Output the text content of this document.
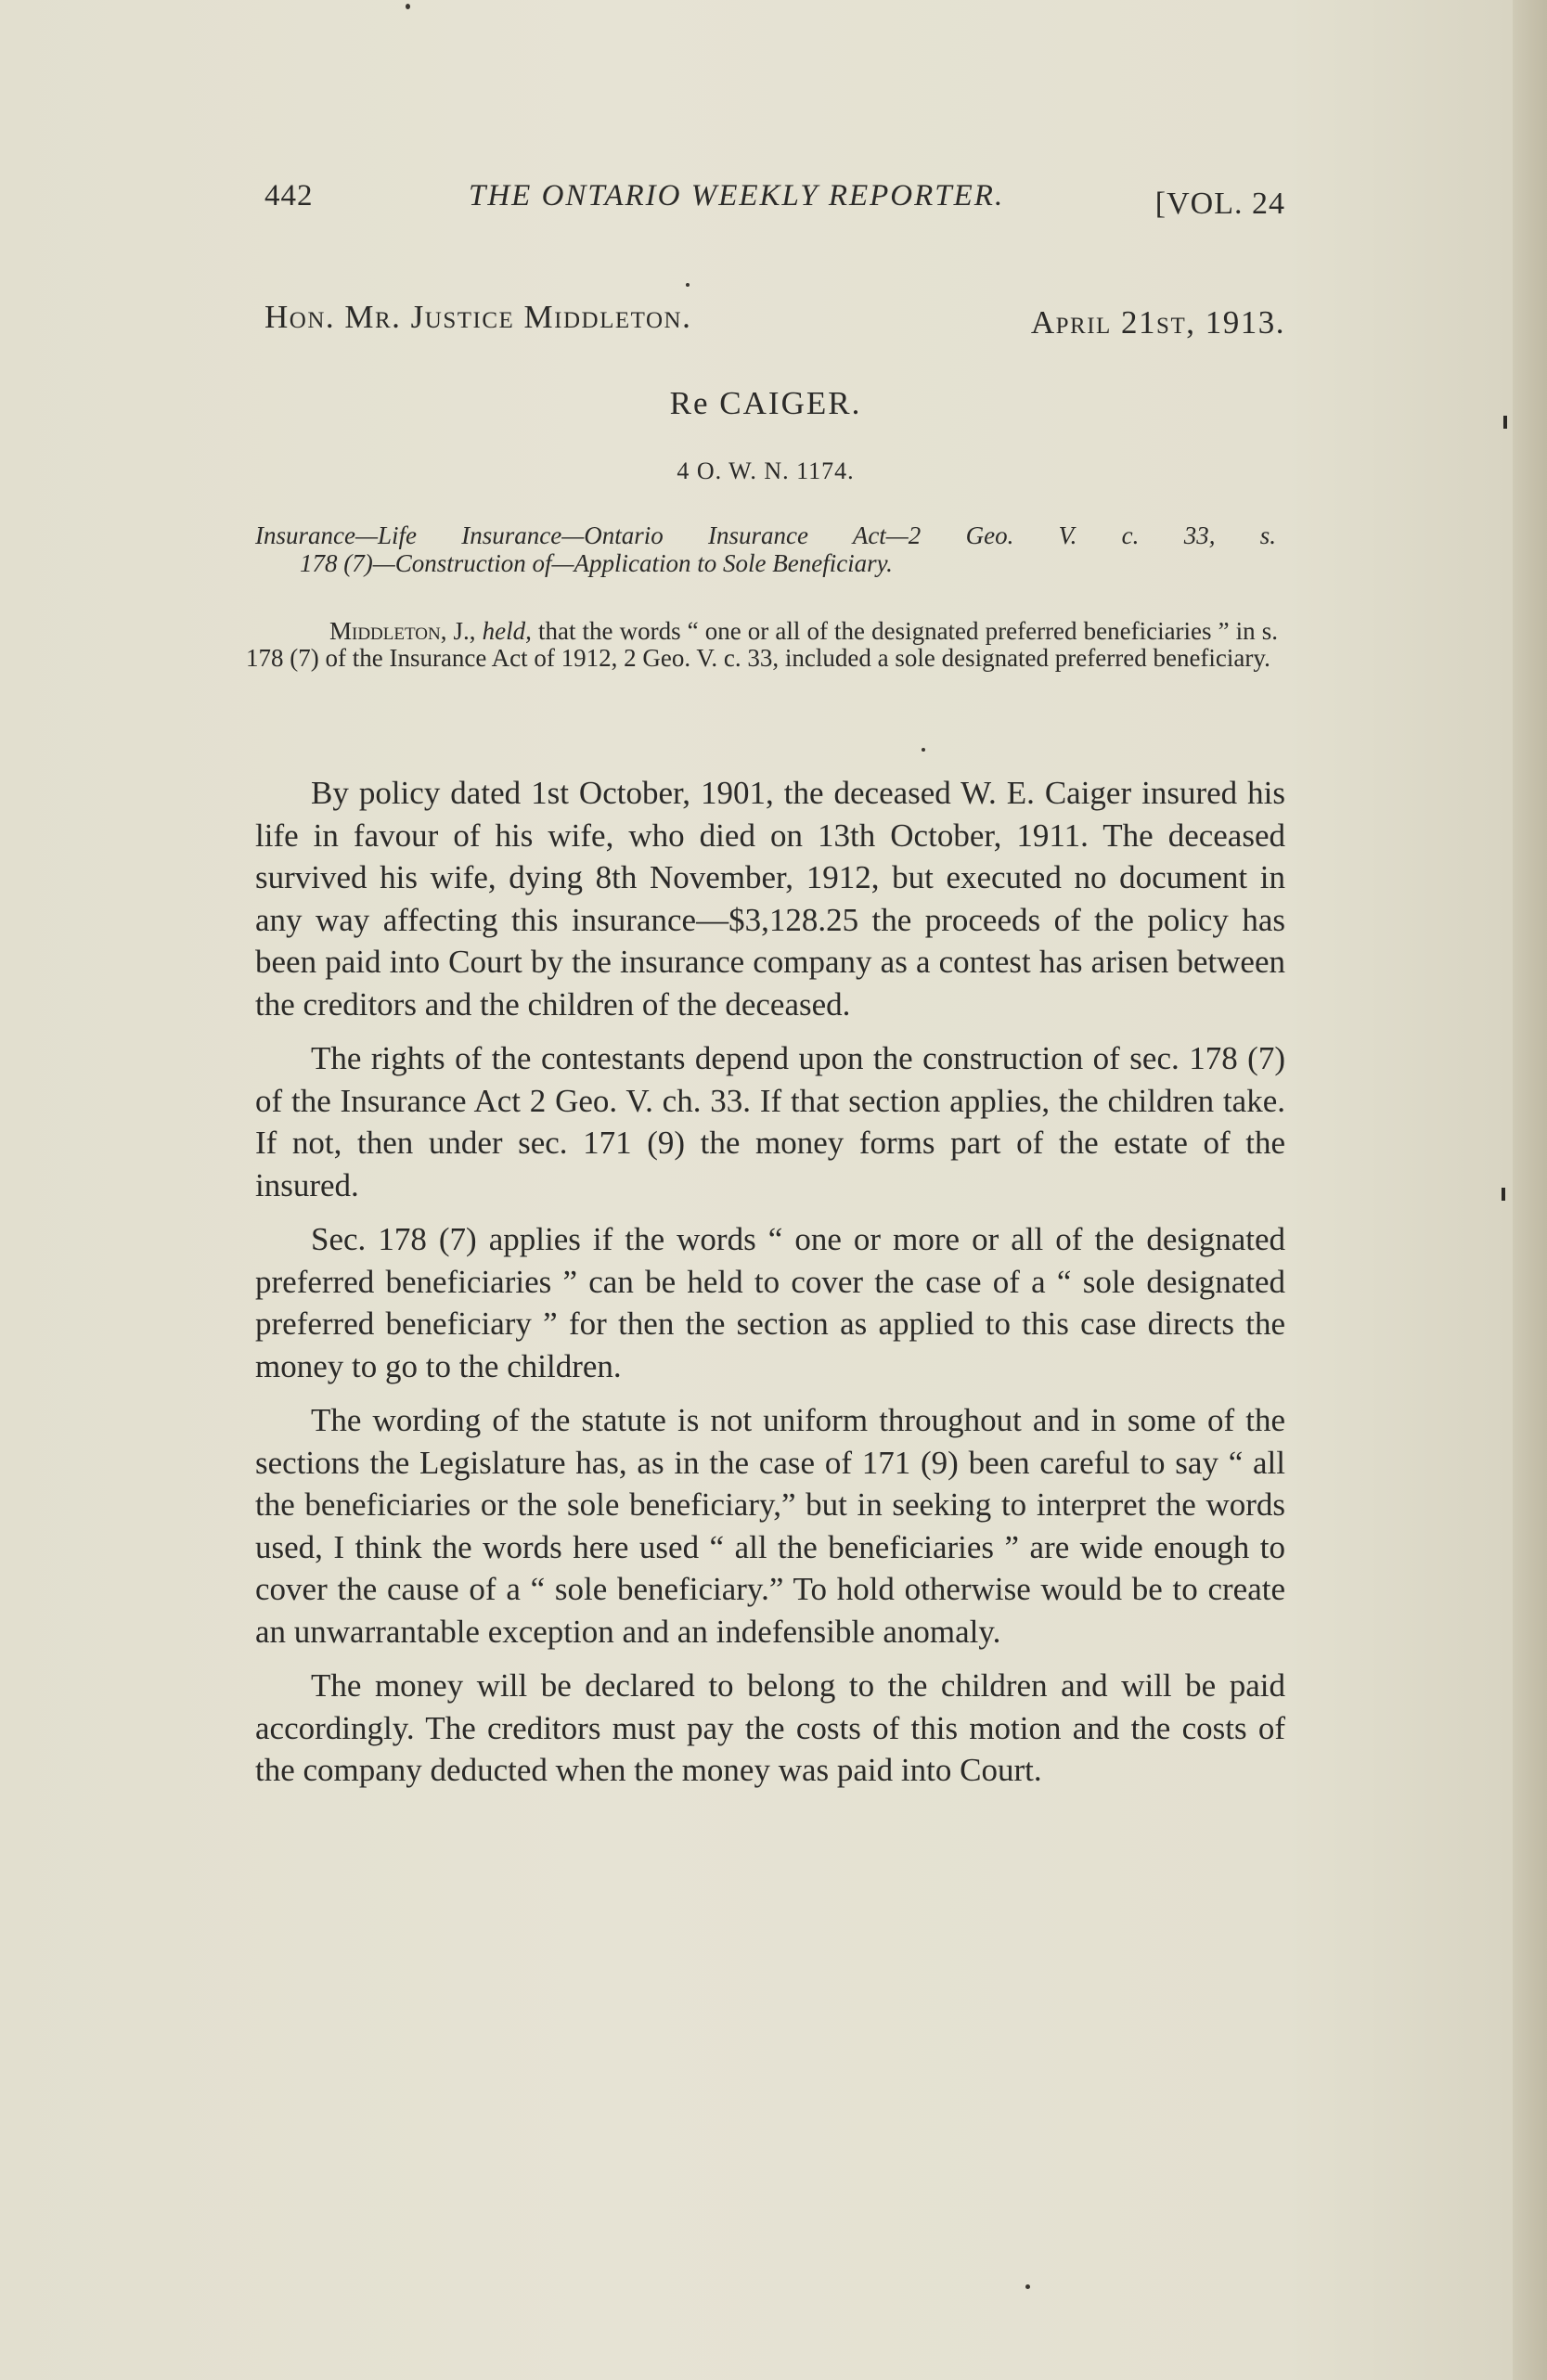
442	THE ONTARIO WEEKLY REPORTER.	[VOL. 24
Hon. Mr. Justice Middleton.	April 21st, 1913.
Re CAIGER.
4 O. W. N. 1174.
Insurance—Life Insurance—Ontario Insurance Act—2 Geo. V. c. 33, s.
178 (7)—Construction of—Application to Sole Beneficiary.
Middleton, J., held, that the words “ one or all of the designated preferred beneficiaries ” in s. 178 (7) of the Insurance Act of 1912, 2 Geo. V. c. 33, included a sole designated preferred beneficiary.

By policy dated 1st October, 1901, the deceased W. E. Caiger insured his life in favour of his wife, who died on 13th October, 1911. The deceased survived his wife, dying 8th November, 1912, but executed no document in any way affecting this insurance—$3,128.25 the proceeds of the policy has been paid into Court by the insurance company as a contest has arisen between the creditors and the children of the deceased.

The rights of the contestants depend upon the construction of sec. 178 (7) of the Insurance Act 2 Geo. V. ch. 33. If that section applies, the children take. If not, then under sec. 171 (9) the money forms part of the estate of the insured.

Sec. 178 (7) applies if the words “ one or more or all of the designated preferred beneficiaries ” can be held to cover the case of a “ sole designated preferred beneficiary ” for then the section as applied to this case directs the money to go to the children.

The wording of the statute is not uniform throughout and in some of the sections the Legislature has, as in the case of 171 (9) been careful to say “ all the beneficiaries or the sole beneficiary,” but in seeking to interpret the words used, I think the words here used “ all the beneficiaries ” are wide enough to cover the cause of a “ sole beneficiary.” To hold otherwise would be to create an unwarrantable exception and an indefensible anomaly.

The money will be declared to belong to the children and will be paid accordingly. The creditors must pay the costs of this motion and the costs of the company deducted when the money was paid into Court.
